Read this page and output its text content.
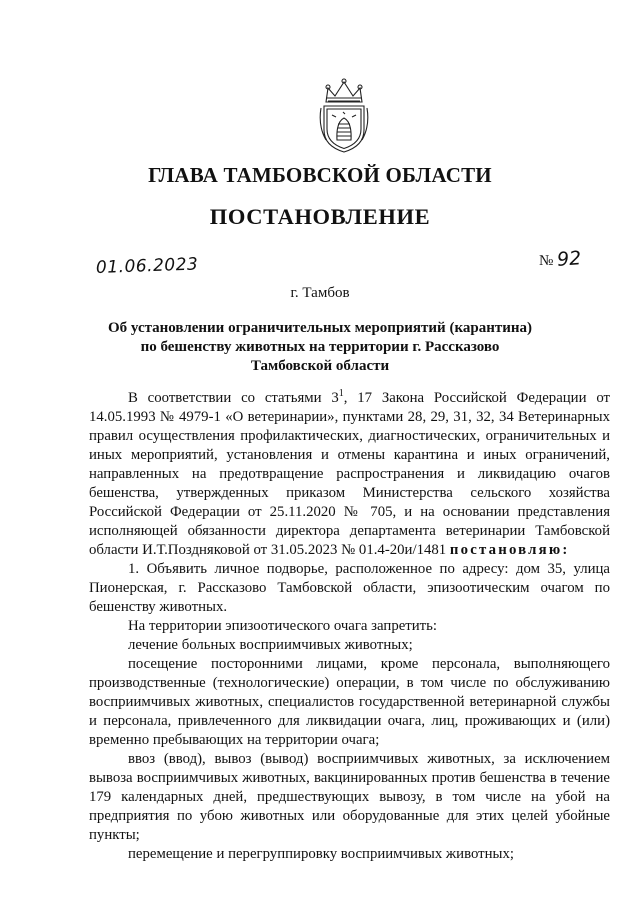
ГЛАВА ТАМБОВСКОЙ ОБЛАСТИ
ПОСТАНОВЛЕНИЕ
01.06.2023	№ 92
г. Тамбов
Об установлении ограничительных мероприятий (карантина) по бешенству животных на территории г. Рассказово Тамбовской области

В соответствии со статьями $3^1$, 17 Закона Российской Федерации от 14.05.1993 № 4979-1 «О ветеринарии», пунктами 28, 29, 31, 32, 34 Ветеринарных правил осуществления профилактических, диагностических, ограничительных и иных мероприятий, установления и отмены карантина и иных ограничений, направленных на предотвращение распространения и ликвидацию очагов бешенства, утвержденных приказом Министерства сельского хозяйства Российской Федерации от 25.11.2020 № 705, и на основании представления исполняющей обязанности директора департамента ветеринарии Тамбовской области И.Т.Поздняковой от 31.05.2023 № 01.4-20и/1481 постановляю:

1. Объявить личное подворье, расположенное по адресу: дом 35, улица Пионерская, г. Рассказово Тамбовской области, эпизоотическим очагом по бешенству животных.

На территории эпизоотического очага запретить:

лечение больных восприимчивых животных;

посещение посторонними лицами, кроме персонала, выполняющего производственные (технологические) операции, в том числе по обслуживанию восприимчивых животных, специалистов государственной ветеринарной службы и персонала, привлеченного для ликвидации очага, лиц, проживающих и (или) временно пребывающих на территории очага;

ввоз (ввод), вывоз (вывод) восприимчивых животных, за исключением вывоза восприимчивых животных, вакцинированных против бешенства в течение 179 календарных дней, предшествующих вывозу, в том числе на убой на предприятия по убою животных или оборудованные для этих целей убойные пункты;

перемещение и перегруппировку восприимчивых животных;
